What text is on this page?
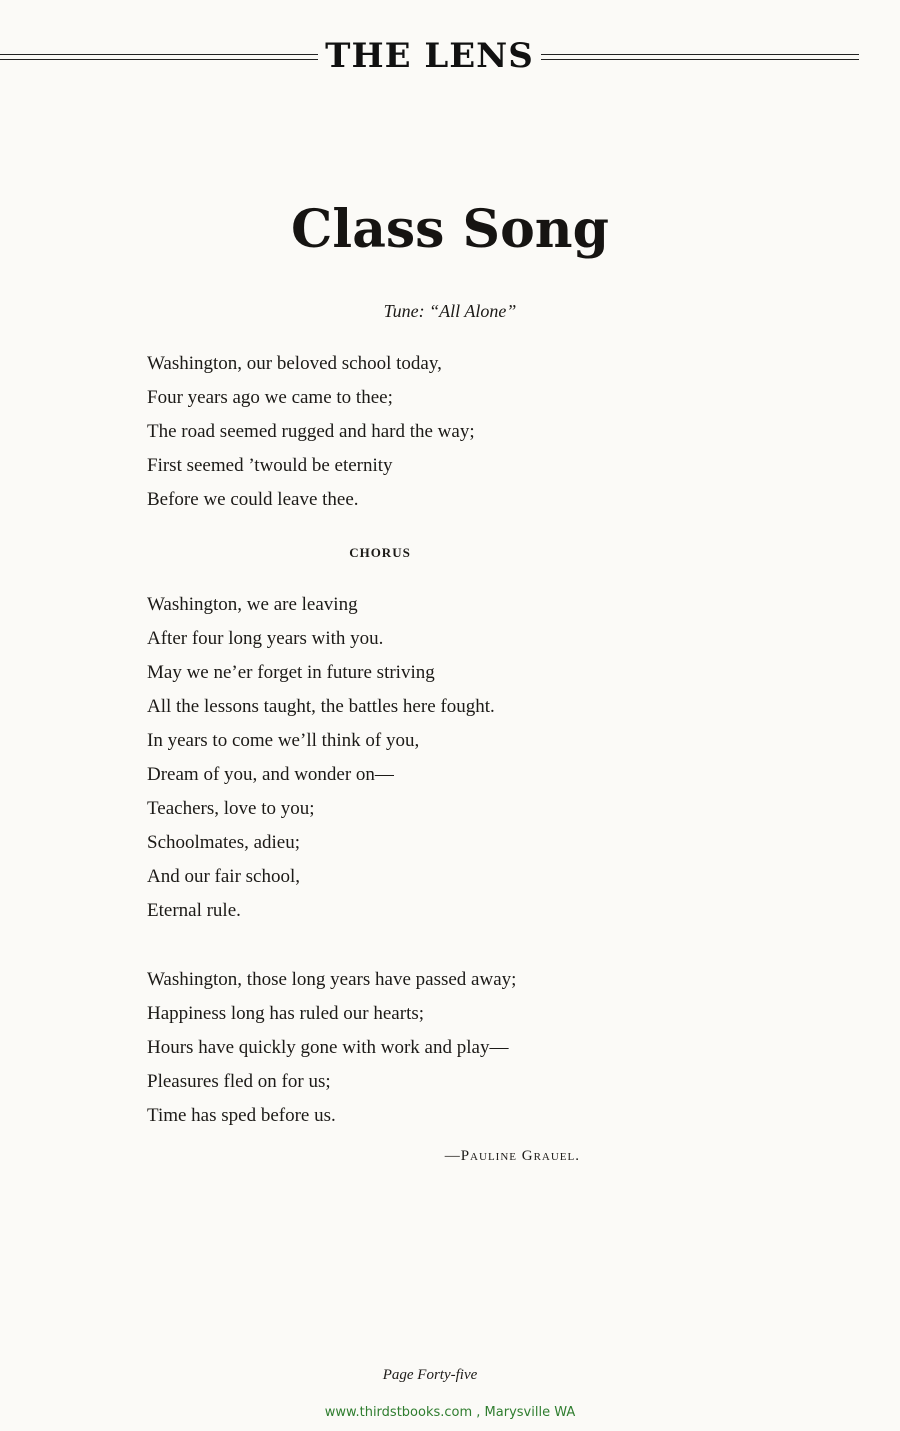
THE LENS
Class Song
Tune: “All Alone”
Washington, our beloved school today,
Four years ago we came to thee;
The road seemed rugged and hard the way;
First seemed ’twould be eternity
Before we could leave thee.
CHORUS
Washington, we are leaving
After four long years with you.
May we ne’er forget in future striving
All the lessons taught, the battles here fought.
In years to come we’ll think of you,
Dream of you, and wonder on—
Teachers, love to you;
Schoolmates, adieu;
And our fair school,
Eternal rule.
Washington, those long years have passed away;
Happiness long has ruled our hearts;
Hours have quickly gone with work and play—
Pleasures fled on for us;
Time has sped before us.
—Pauline Grauel.
Page Forty-five
www.thirdstbooks.com , Marysville WA
